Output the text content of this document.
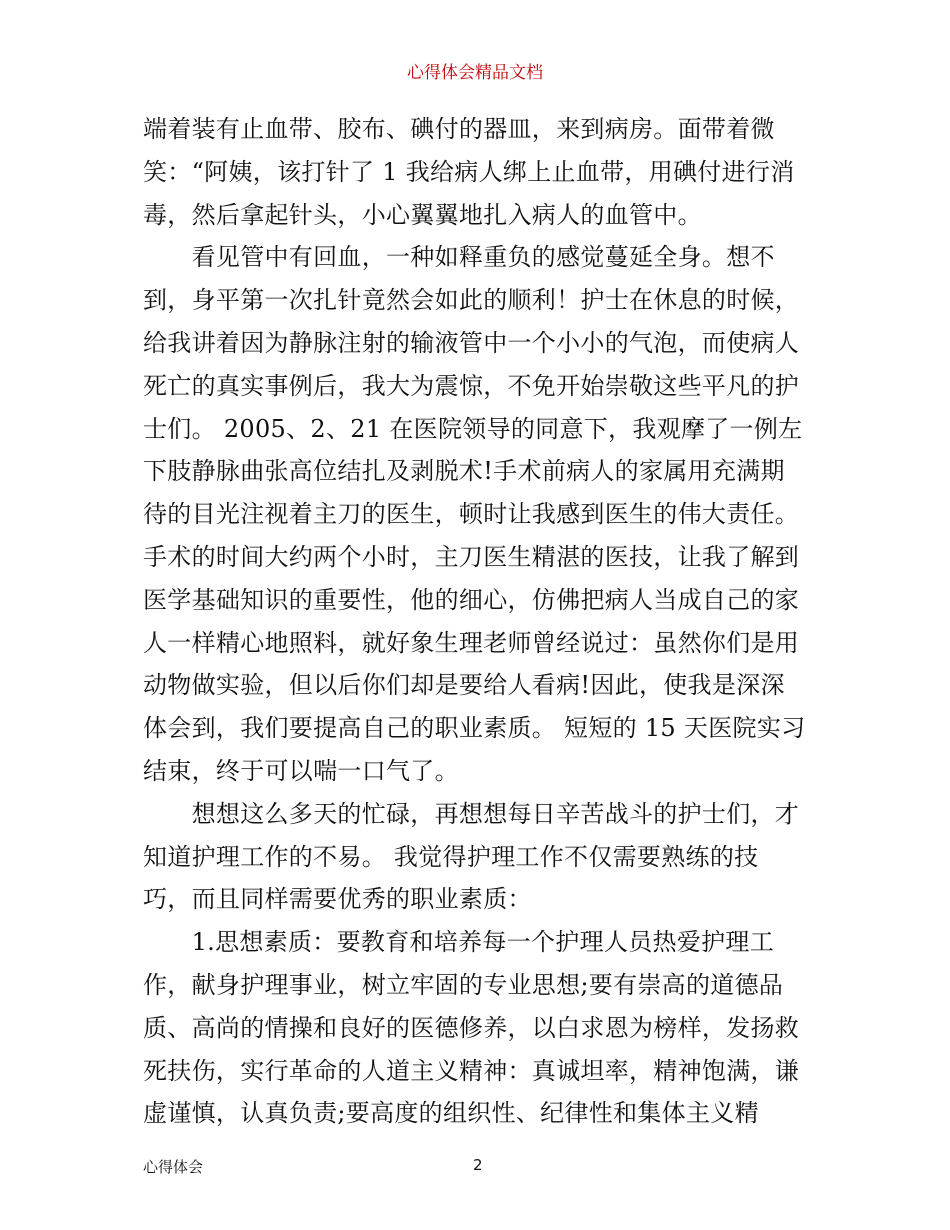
心得体会精品文档
端着装有止血带、胶布、碘付的器皿，来到病房。面带着微
笑：“阿姨，该打针了 1 我给病人绑上止血带，用碘付进行消
毒，然后拿起针头，小心翼翼地扎入病人的血管中。
　　看见管中有回血，一种如释重负的感觉蔓延全身。想不
到，身平第一次扎针竟然会如此的顺利！护士在休息的时候，
给我讲着因为静脉注射的输液管中一个小小的气泡，而使病人
死亡的真实事例后，我大为震惊，不免开始崇敬这些平凡的护
士们。 2005、2、21 在医院领导的同意下，我观摩了一例左
下肢静脉曲张高位结扎及剥脱术!手术前病人的家属用充满期
待的目光注视着主刀的医生，顿时让我感到医生的伟大责任。
手术的时间大约两个小时，主刀医生精湛的医技，让我了解到
医学基础知识的重要性，他的细心，仿佛把病人当成自己的家
人一样精心地照料，就好象生理老师曾经说过：虽然你们是用
动物做实验，但以后你们却是要给人看病!因此，使我是深深
体会到，我们要提高自己的职业素质。 短短的 15 天医院实习
结束，终于可以喘一口气了。
　　想想这么多天的忙碌，再想想每日辛苦战斗的护士们，才
知道护理工作的不易。 我觉得护理工作不仅需要熟练的技
巧，而且同样需要优秀的职业素质：
　　1.思想素质：要教育和培养每一个护理人员热爱护理工
作，献身护理事业，树立牢固的专业思想;要有崇高的道德品
质、高尚的情操和良好的医德修养，以白求恩为榜样，发扬救
死扶伤，实行革命的人道主义精神：真诚坦率，精神饱满，谦
虚谨慎，认真负责;要高度的组织性、纪律性和集体主义精
心得体会	2
